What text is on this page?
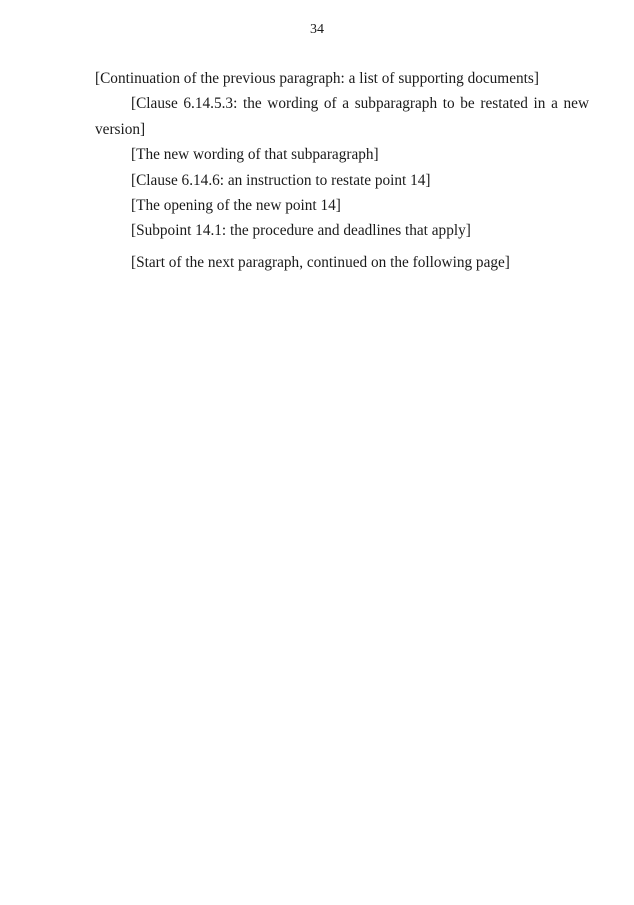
34

[Continuation of the previous paragraph: a list of supporting documents]

[Clause 6.14.5.3: the wording of a subparagraph to be restated in a new version]

[The new wording of that subparagraph]

[Clause 6.14.6: an instruction to restate point 14]

[The opening of the new point 14]

[Subpoint 14.1: the procedure and deadlines that apply]

[Start of the next paragraph, continued on the following page]
